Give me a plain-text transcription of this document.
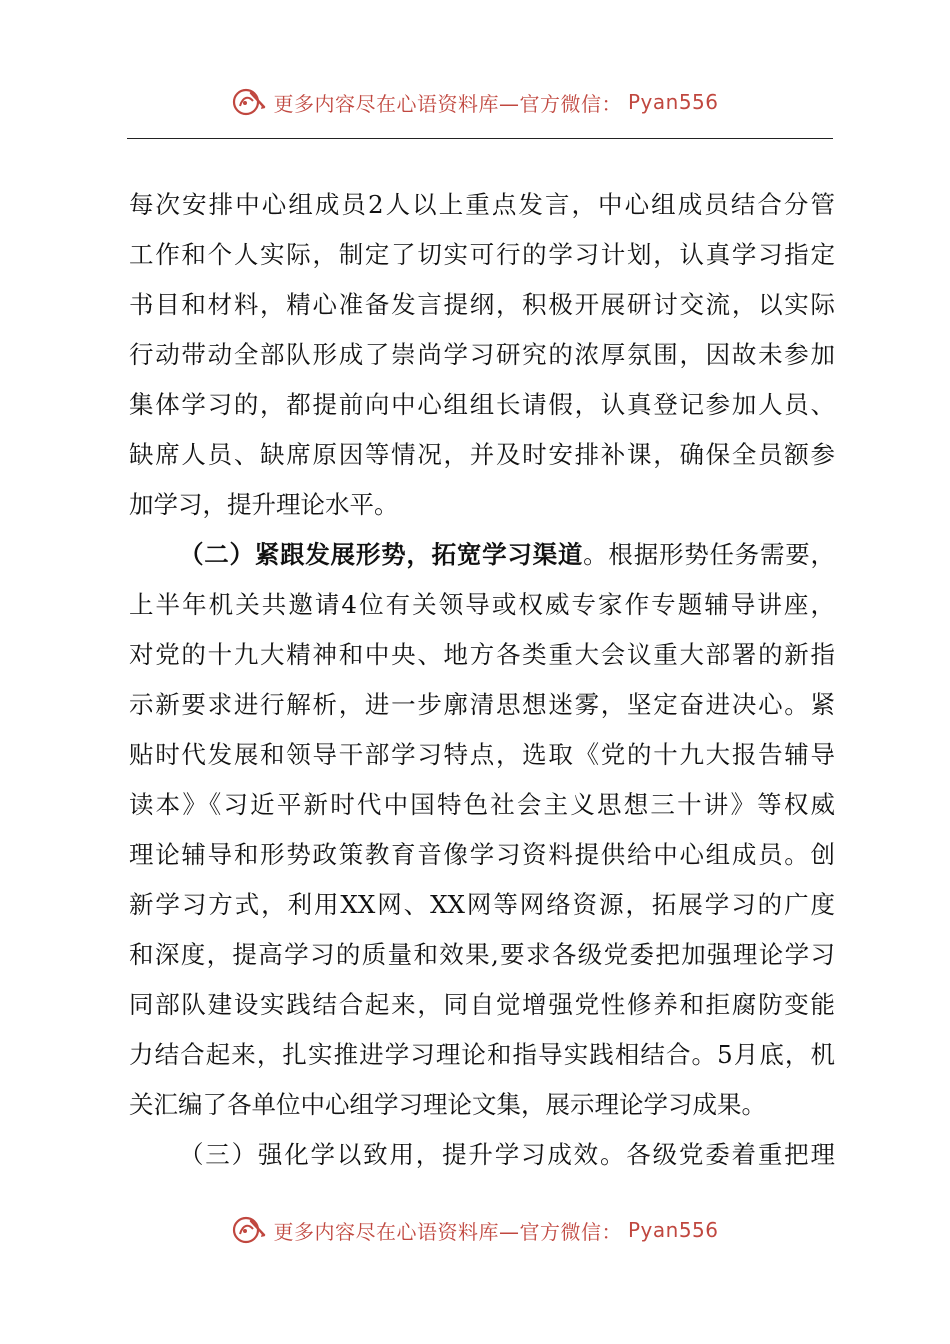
更多内容尽在心语资料库—官方微信： Pyan556
每次安排中心组成员2人以上重点发言，中心组成员结合分管
工作和个人实际，制定了切实可行的学习计划，认真学习指定
书目和材料，精心准备发言提纲，积极开展研讨交流，以实际
行动带动全部队形成了崇尚学习研究的浓厚氛围，因故未参加
集体学习的，都提前向中心组组长请假，认真登记参加人员、
缺席人员、缺席原因等情况，并及时安排补课，确保全员额参
加学习，提升理论水平。
（二）紧跟发展形势，拓宽学习渠道。根据形势任务需要，
上半年机关共邀请4位有关领导或权威专家作专题辅导讲座，
对党的十九大精神和中央、地方各类重大会议重大部署的新指
示新要求进行解析，进一步廓清思想迷雾，坚定奋进决心。紧
贴时代发展和领导干部学习特点，选取《党的十九大报告辅导
读本》《习近平新时代中国特色社会主义思想三十讲》等权威
理论辅导和形势政策教育音像学习资料提供给中心组成员。创
新学习方式，利用XX网、XX网等网络资源，拓展学习的广度
和深度，提高学习的质量和效果,要求各级党委把加强理论学习
同部队建设实践结合起来，同自觉增强党性修养和拒腐防变能
力结合起来，扎实推进学习理论和指导实践相结合。5月底，机
关汇编了各单位中心组学习理论文集，展示理论学习成果。
（三）强化学以致用，提升学习成效。各级党委着重把理
更多内容尽在心语资料库—官方微信： Pyan556
